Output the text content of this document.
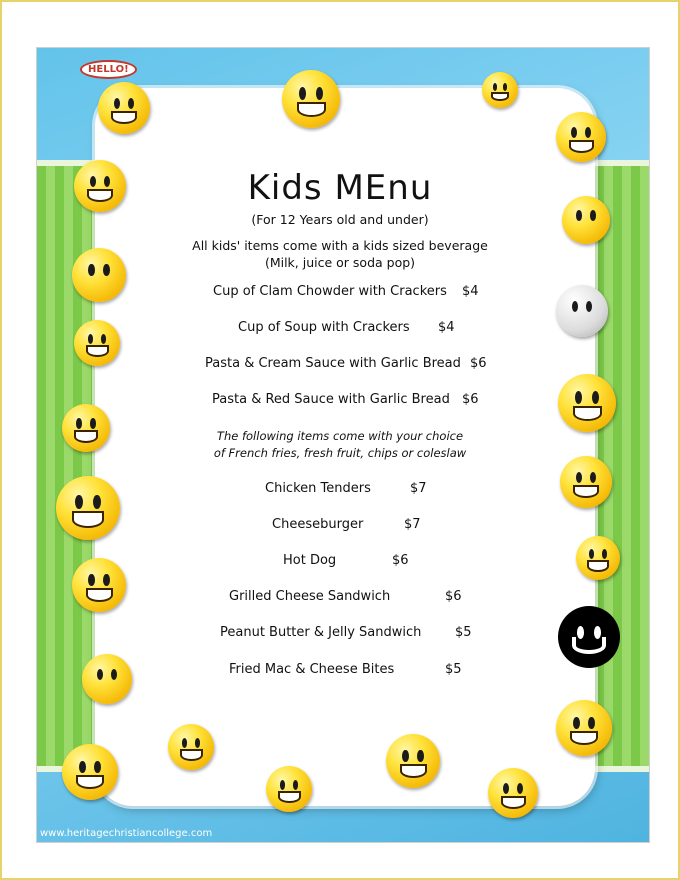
Kids MEnu
(For 12 Years old and under)
All kids' items come with a kids sized beverage
(Milk, juice or soda pop)
Cup of Clam Chowder with Crackers $4
Cup of Soup with Crackers $4
Pasta & Cream Sauce with Garlic Bread $6
Pasta & Red Sauce with Garlic Bread $6
The following items come with your choice
of French fries, fresh fruit, chips or coleslaw
Chicken Tenders	$7
Cheeseburger	$7
Hot Dog	$6
Grilled Cheese Sandwich	$6
Peanut Butter & Jelly Sandwich	$5
Fried Mac & Cheese Bites	$5
HELLO!
www.heritagechristiancollege.com
